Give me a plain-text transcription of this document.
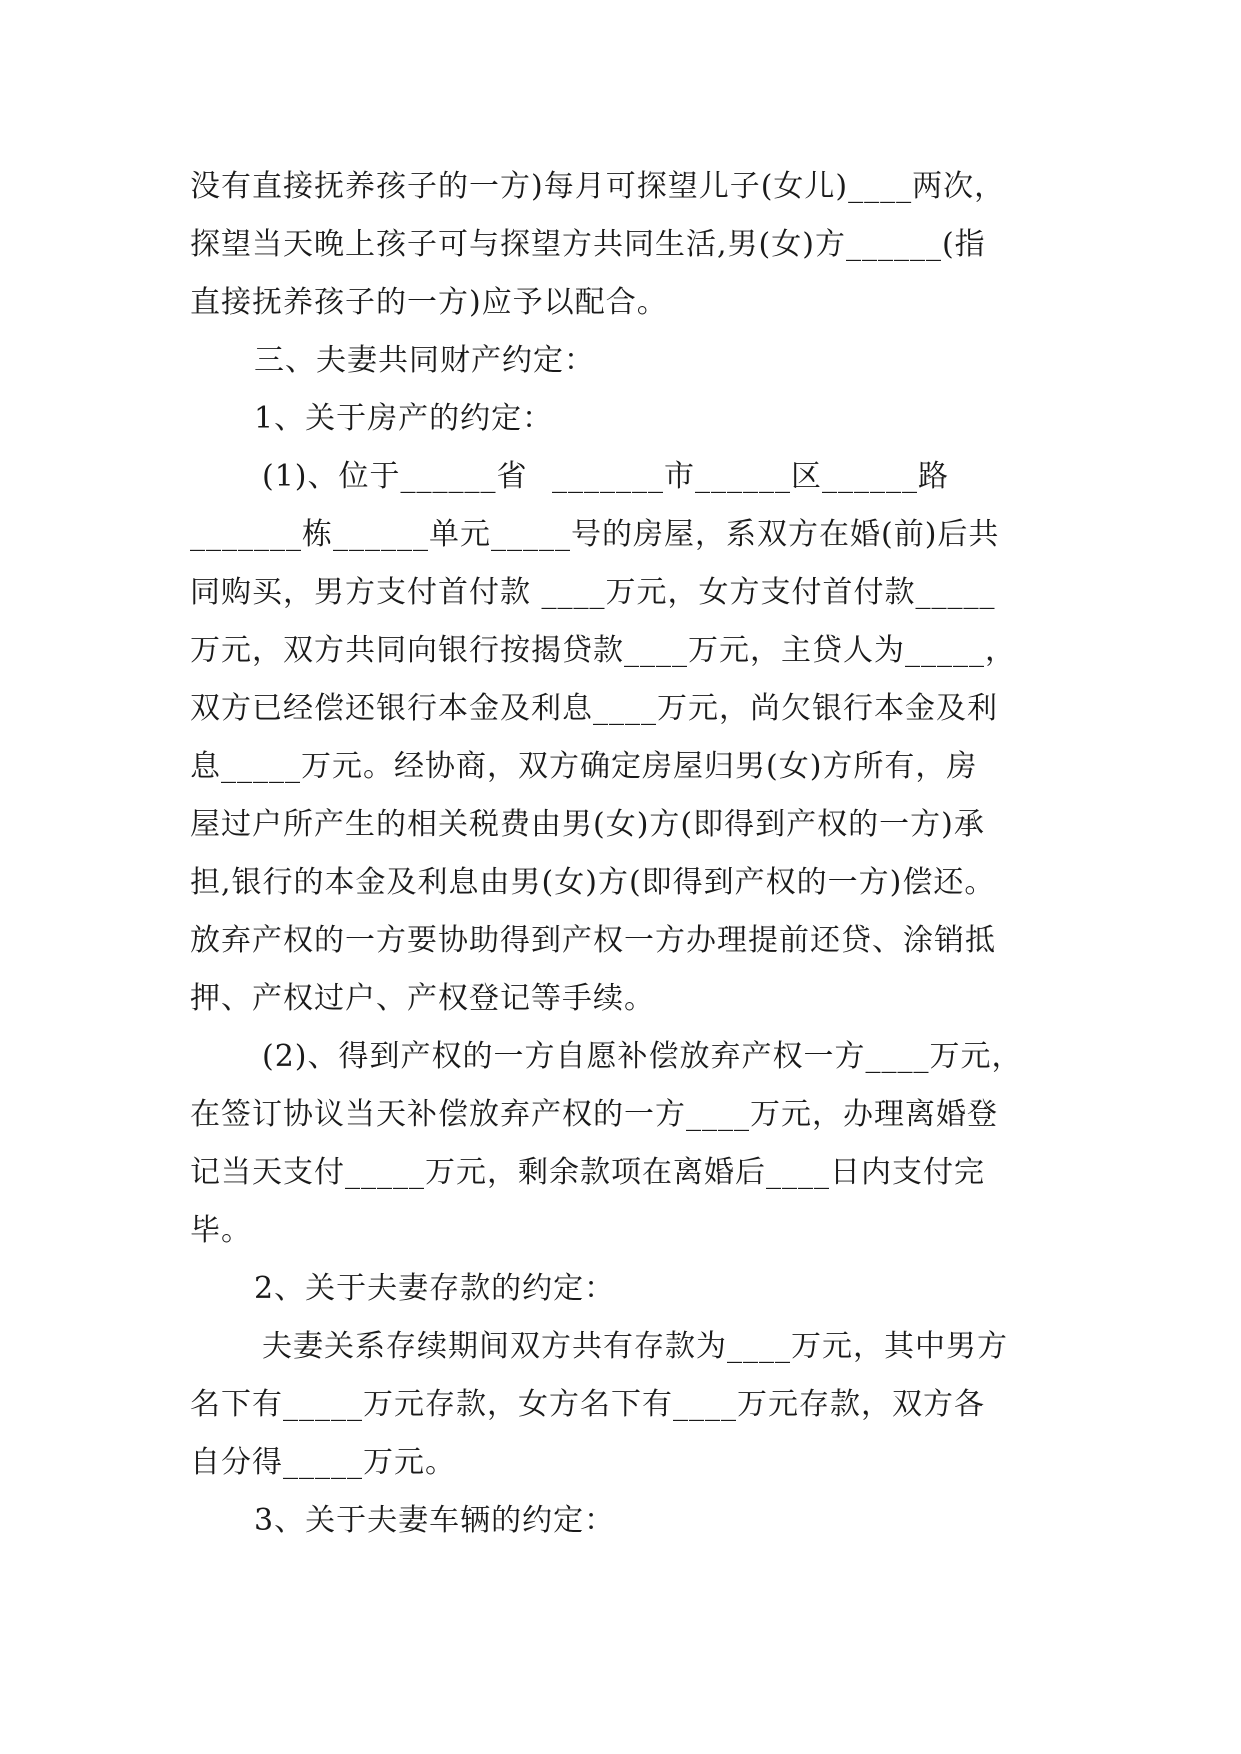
没有直接抚养孩子的一方)每月可探望儿子(女儿)____两次，
探望当天晚上孩子可与探望方共同生活,男(女)方______(指
直接抚养孩子的一方)应予以配合。

三、夫妻共同财产约定：

1、关于房产的约定：

(1)、位于______省 _______市______区______路
_______栋______单元_____号的房屋，系双方在婚(前)后共
同购买，男方支付首付款 ____万元，女方支付首付款_____
万元，双方共同向银行按揭贷款____万元，主贷人为_____，
双方已经偿还银行本金及利息____万元，尚欠银行本金及利
息_____万元。经协商，双方确定房屋归男(女)方所有，房
屋过户所产生的相关税费由男(女)方(即得到产权的一方)承
担,银行的本金及利息由男(女)方(即得到产权的一方)偿还。
放弃产权的一方要协助得到产权一方办理提前还贷、涂销抵
押、产权过户、产权登记等手续。

(2)、得到产权的一方自愿补偿放弃产权一方____万元，
在签订协议当天补偿放弃产权的一方____万元，办理离婚登
记当天支付_____万元，剩余款项在离婚后____日内支付完
毕。

2、关于夫妻存款的约定：

夫妻关系存续期间双方共有存款为____万元，其中男方
名下有_____万元存款，女方名下有____万元存款，双方各
自分得_____万元。

3、关于夫妻车辆的约定：
